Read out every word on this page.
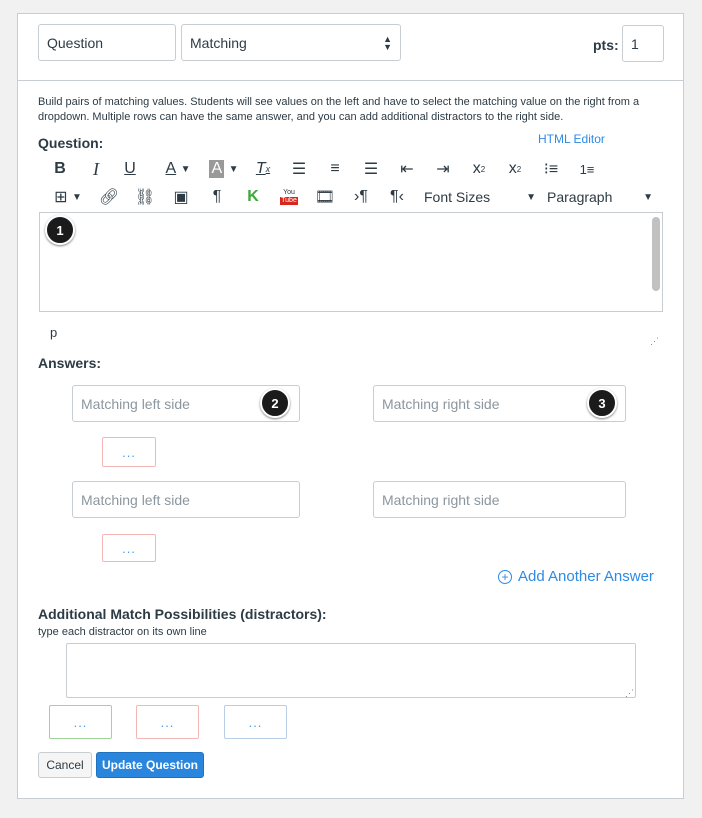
Question	Matching	▲
▼	pts: 1
Build pairs of matching values. Students will see values on the left and have to select the matching value on the right from a dropdown. Multiple rows can have the same answer, and you can add additional distractors to the right side.
Question:	HTML Editor
B I	U A
▼ A
▼ T x ☰ ≡ ☰ ⇤ ⇥ x 2 x 2 ⁝≡ 1≡
⊞ ▼ 🔗︎ ⛓ ▣ ¶ K	You
Tube 🎞︎ ›¶ ¶‹ Font Sizes	▼ Paragraph	▼
p
⋰
Answers:
Matching left side	Matching right side
...
Matching left side	Matching right side
...
+ Add Another Answer
Additional Match Possibilities (distractors):
type each distractor on its own line
⋰
...	...	...
Cancel Update Question
1
2	3
